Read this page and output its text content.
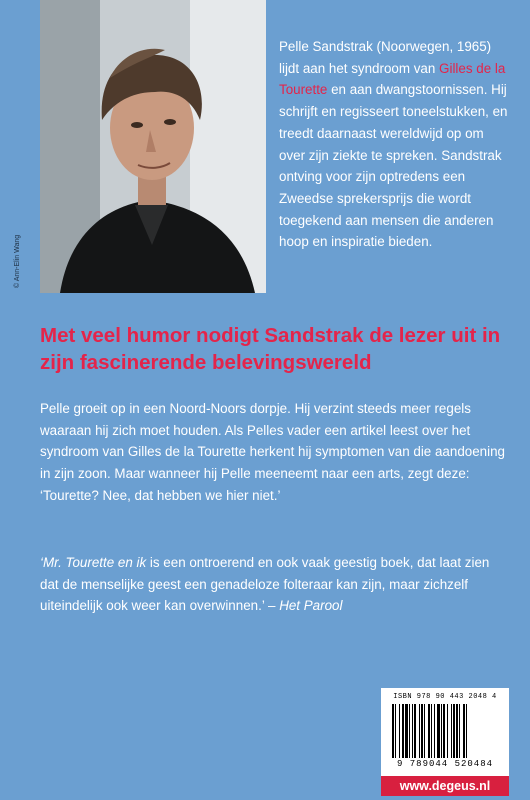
© Ann-Elin Wang

Pelle Sandstrak (Noorwegen, 1965) lijdt aan het syndroom van Gilles de la Tourette en aan dwangstoornissen. Hij schrijft en regisseert toneelstukken, en treedt daarnaast wereldwijd op om over zijn ziekte te spreken. Sandstrak ontving voor zijn optredens een Zweedse sprekersprijs die wordt toegekend aan mensen die anderen hoop en inspiratie bieden.

Met veel humor nodigt Sandstrak de lezer uit in zijn fascinerende belevingswereld

Pelle groeit op in een Noord-Noors dorpje. Hij verzint steeds meer regels waaraan hij zich moet houden. Als Pelles vader een artikel leest over het syndroom van Gilles de la Tourette herkent hij symptomen van die aandoening in zijn zoon. Maar wanneer hij Pelle meeneemt naar een arts, zegt deze: ‘Tourette? Nee, dat hebben we hier niet.’

‘Mr. Tourette en ik is een ontroerend en ook vaak geestig boek, dat laat zien dat de menselijke geest een genadeloze folteraar kan zijn, maar zichzelf uiteindelijk ook weer kan overwinnen.’ – Het Parool

ISBN 978 90 443 2048 4
9 789044 520484
www.degeus.nl
